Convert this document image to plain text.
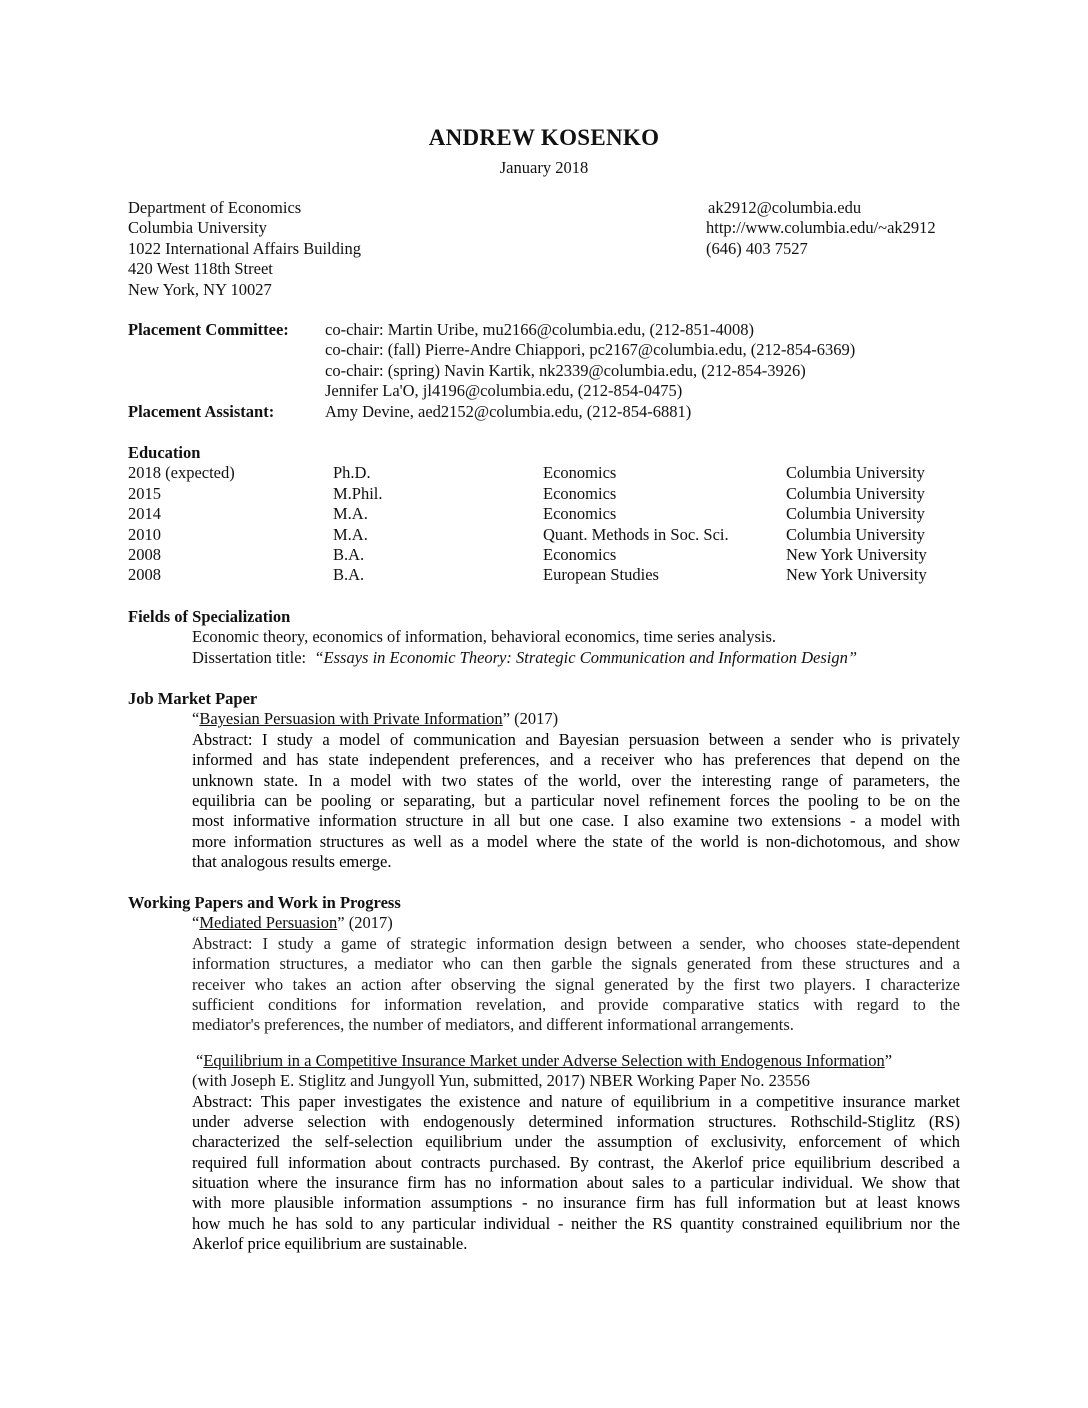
ANDREW KOSENKO
January 2018
Department of Economics
Columbia University
1022 International Affairs Building
420 West 118th Street
New York, NY 10027
ak2912@columbia.edu
http://www.columbia.edu/~ak2912
(646) 403 7527
Placement Committee: co-chair: Martin Uribe, mu2166@columbia.edu, (212-851-4008)
co-chair: (fall) Pierre-Andre Chiappori, pc2167@columbia.edu, (212-854-6369)
co-chair: (spring) Navin Kartik, nk2339@columbia.edu, (212-854-3926)
Jennifer La'O, jl4196@columbia.edu, (212-854-0475)
Placement Assistant:	Amy Devine, aed2152@columbia.edu, (212-854-6881)
Education
2018 (expected)	Ph.D.	Economics	Columbia University
2015	M.Phil.	Economics	Columbia University
2014	M.A.	Economics	Columbia University
2010	M.A.	Quant. Methods in Soc. Sci.	Columbia University
2008	B.A.	Economics	New York University
2008	B.A.	European Studies	New York University
Fields of Specialization
Economic theory, economics of information, behavioral economics, time series analysis.
Dissertation title:  “Essays in Economic Theory: Strategic Communication and Information Design”
Job Market Paper
“Bayesian Persuasion with Private Information” (2017)
Abstract: I study a model of communication and Bayesian persuasion between a sender who is privately
informed and has state independent preferences, and a receiver who has preferences that depend on the
unknown state. In a model with two states of the world, over the interesting range of parameters, the
equilibria can be pooling or separating, but a particular novel refinement forces the pooling to be on the
most informative information structure in all but one case. I also examine two extensions - a model with
more information structures as well as a model where the state of the world is non-dichotomous, and show
that analogous results emerge.
Working Papers and Work in Progress
“Mediated Persuasion” (2017)
Abstract: I study a game of strategic information design between a sender, who chooses state-dependent
information structures, a mediator who can then garble the signals generated from these structures and a
receiver who takes an action after observing the signal generated by the first two players. I characterize
sufficient conditions for information revelation, and provide comparative statics with regard to the
mediator's preferences, the number of mediators, and different informational arrangements.
“Equilibrium in a Competitive Insurance Market under Adverse Selection with Endogenous Information”
(with Joseph E. Stiglitz and Jungyoll Yun, submitted, 2017) NBER Working Paper No. 23556
Abstract: This paper investigates the existence and nature of equilibrium in a competitive insurance market
under adverse selection with endogenously determined information structures. Rothschild-Stiglitz (RS)
characterized the self-selection equilibrium under the assumption of exclusivity, enforcement of which
required full information about contracts purchased. By contrast, the Akerlof price equilibrium described a
situation where the insurance firm has no information about sales to a particular individual. We show that
with more plausible information assumptions - no insurance firm has full information but at least knows
how much he has sold to any particular individual - neither the RS quantity constrained equilibrium nor the
Akerlof price equilibrium are sustainable.
